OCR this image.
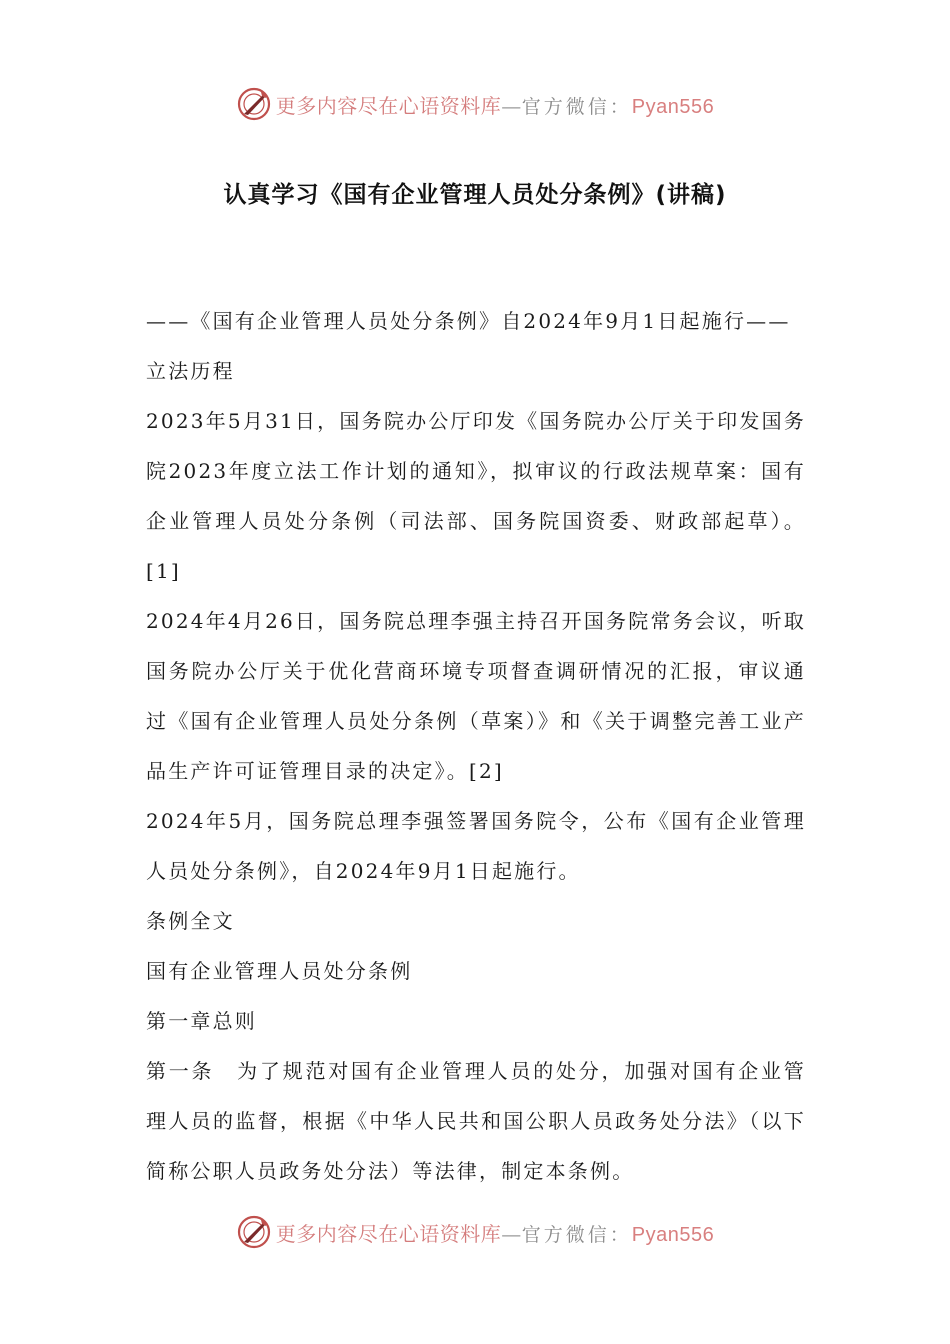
更多内容尽在心语资料库—官方微信：Pyan556
认真学习《国有企业管理人员处分条例》(讲稿)

——《国有企业管理人员处分条例》自2024年9月1日起施行——

立法历程

2023年5月31日，国务院办公厅印发《国务院办公厅关于印发国务院2023年度立法工作计划的通知》，拟审议的行政法规草案：国有企业管理人员处分条例（司法部、国务院国资委、财政部起草）。[1]

2024年4月26日，国务院总理李强主持召开国务院常务会议，听取国务院办公厅关于优化营商环境专项督查调研情况的汇报，审议通过《国有企业管理人员处分条例（草案）》和《关于调整完善工业产品生产许可证管理目录的决定》。[2]

2024年5月，国务院总理李强签署国务院令，公布《国有企业管理人员处分条例》，自2024年9月1日起施行。

条例全文

国有企业管理人员处分条例

第一章总则

第一条　为了规范对国有企业管理人员的处分，加强对国有企业管理人员的监督，根据《中华人民共和国公职人员政务处分法》（以下简称公职人员政务处分法）等法律，制定本条例。

更多内容尽在心语资料库—官方微信：Pyan556
